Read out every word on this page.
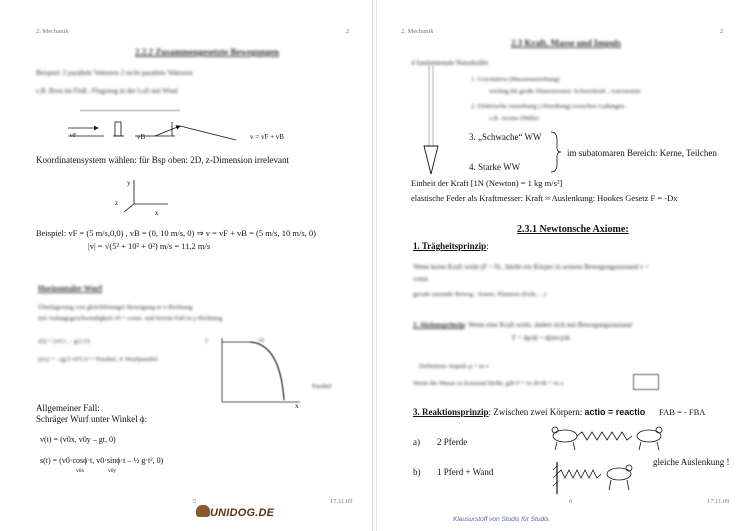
2. Mechanik	2
2.2.2 Zusammengesetzte Bewegungen
Beispiel: 2 parallele Vektoren 2 nicht parallele Vektoren
z.B. Boot im Fluß ; Flugzeug in der Luft mit Wind
vF	vB	v = vF + vB
Koordinatensystem wählen: für Bsp oben: 2D, z-Dimension irrelevant
y
z
x
Beispiel: vF = (5 m/s,0,0) , vB = (0, 10 m/s, 0) ⇒ v = vF + vB = (5 m/s, 10 m/s, 0)
|v| = √(5² + 10² + 0²) m/s = 11,2 m/s
Horizontaler Wurf
Überlagerung von gleichförmiger Bewegung in x-Richtung
mit Anfangsgeschwindigkeit v0 = const. und freiem Fall in y-Richtung
r(t) = (v0 t , - g/2 t²)
y(x) = - (g/2 v0²) x² = Parabel, ∧ Wurfparabel
y	v0
x
Parabel
Allgemeiner Fall:
Schräger Wurf unter Winkel ϕ:
v(t) = (v0x, v0y – gt, 0)
s(t) = (v0·cosϕ·t, v0·sinϕ·t – ½ g·t², 0)
v0x	v0y
5	17.11.09
UNIDOG.DE
2. Mechanik	2
2.3 Kraft, Masse und Impuls
4 fundamentale Naturkräfte
1. Gravitation (Massenanziehung)
wichtig für große Dimensionen: Schwerkraft , Astronomie
2. Elektrische Anziehung (Abstoßung) zwischen Ladungen
z.B. Atome (Hülle)
3. „Schwache“ WW
4. Starke WW
im subatomaren Bereich: Kerne, Teilchen
Einheit der Kraft [1N (Newton) = 1 kg m/s²]
elastische Feder als Kraftmesser: Kraft ≈ Auslenkung: Hookes Gesetz F = -Dx
2.3.1 Newtonsche Axiome:
1. Trägheitsprinzip:
Wenn keine Kraft wirkt (F = 0) , bleibt ein Körper in seinem Bewegungszustand v =
const.
gerade unrunde Beweg.: Sonne, Planeten (Erde, ...)
2. Aktionsprinzip: Wenn eine Kraft wirkt, ändert sich mit Bewegungszustand
F = dp/dt = d(mv)/dt
Definition: Impuls p = m v
Wenn die Masse m konstant bleibt, gilt F = m dv/dt = m a
3. Reaktionsprinzip: Zwischen zwei Körpern: actio = reactio FAB = - FBA
a) 2 Pferde
b) 1 Pferd + Wand
gleiche Auslenkung !
6	17.11.09
Klausurstoff von Studis für Studis
